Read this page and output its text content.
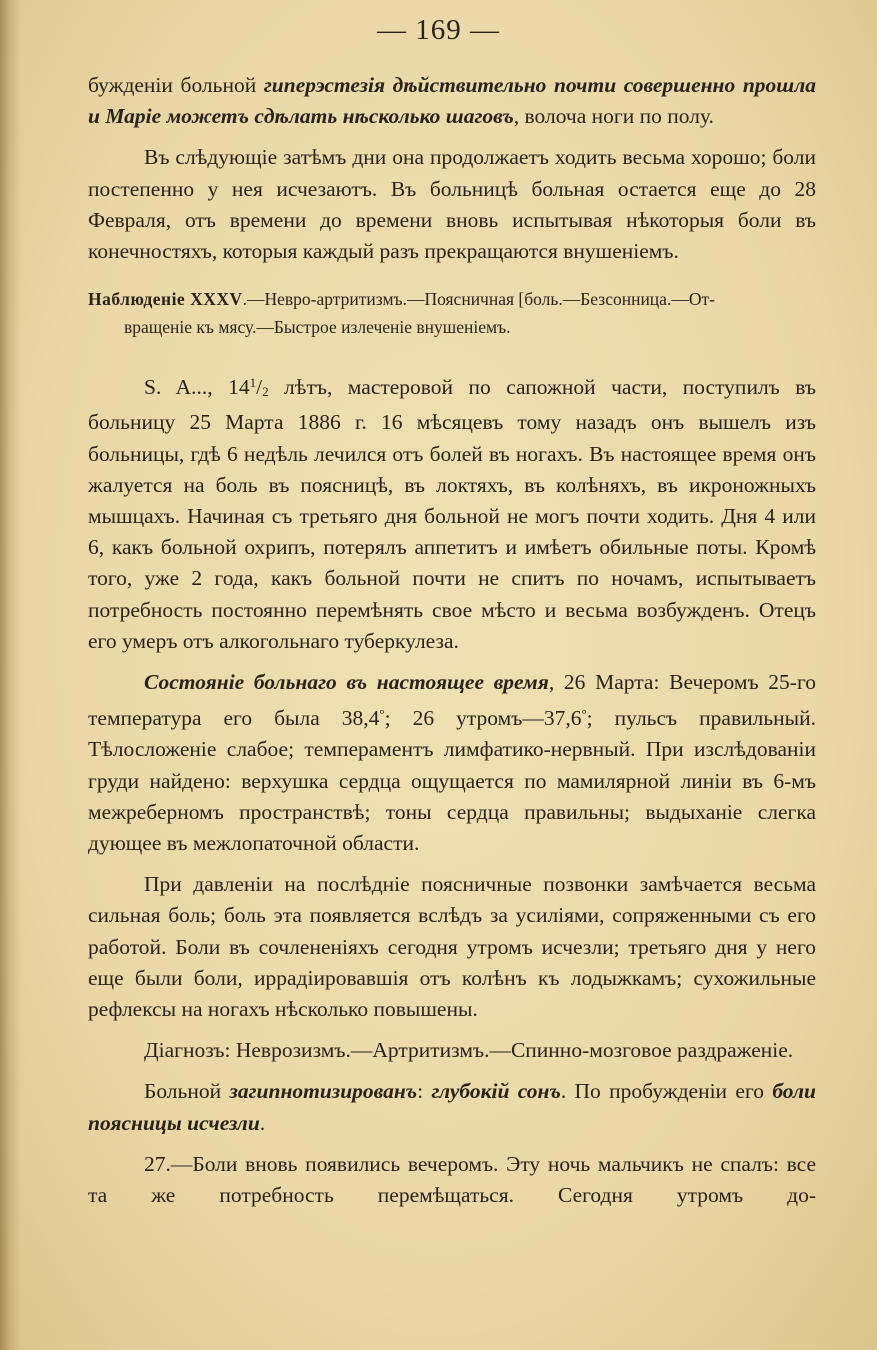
— 169 —

бужденіи больной гиперэстезія дѣйствительно почти совершенно прошла и Марiе можетъ сдѣлать нѣсколько шаговъ, волоча ноги по полу.

Въ слѣдующіе затѣмъ дни она продолжаетъ ходить весьма хорошо; боли постепенно у нея исчезаютъ. Въ больницѣ больная остается еще до 28 Февраля, отъ времени до времени вновь испытывая нѣкоторыя боли въ конечностяхъ, которыя каждый разъ прекращаются внушеніемъ.

Наблюденіе XXXV.—Невро-артритизмъ.—Поясничная [боль.—Безсонница.—От-
вращеніе къ мясу.—Быстрое излеченіе внушеніемъ.

S. A..., $14^1/2$ лѣтъ, мастеровой по сапожной части, поступилъ въ больницу 25 Марта 1886 г. 16 мѣсяцевъ тому назадъ онъ вышелъ изъ больницы, гдѣ 6 недѣль лечился отъ болей въ ногахъ. Въ настоящее время онъ жалуется на боль въ поясницѣ, въ локтяхъ, въ колѣняхъ, въ икроножныхъ мышцахъ. Начиная съ третьяго дня больной не могъ почти ходить. Дня 4 или 6, какъ больной охрипъ, потерялъ аппетитъ и имѣетъ обильные поты. Кромѣ того, уже 2 года, какъ больной почти не спитъ по ночамъ, испытываетъ потребность постоянно перемѣнять свое мѣсто и весьма возбужденъ. Отецъ его умеръ отъ алкогольнаго туберкулеза.

Состояніе больнаго въ настоящее время, 26 Марта: Вечеромъ 25-го температура его была 38,4°; 26 утромъ—37,6°; пульсъ правильный. Тѣлосложеніе слабое; темпераментъ лимфатико-нервный. При изслѣдованіи груди найдено: верхушка сердца ощущается по мамилярной линіи въ 6-мъ межреберномъ пространствѣ; тоны сердца правильны; выдыханіе слегка дующее въ межлопаточной области.

При давленіи на послѣдніе поясничные позвонки замѣчается весьма сильная боль; боль эта появляется вслѣдъ за усиліями, сопряженными съ его работой. Боли въ сочлененіяхъ сегодня утромъ исчезли; третьяго дня у него еще были боли, иррадіировавшія отъ колѣнъ къ лодыжкамъ; сухожильные рефлексы на ногахъ нѣсколько повышены.

Діагнозъ: Неврозизмъ.—Артритизмъ.—Спинно-мозговое раздраженіе.

Больной загипнотизированъ: глубокій сонъ. По пробужденіи его боли поясницы исчезли.

27.—Боли вновь появились вечеромъ. Эту ночь мальчикъ не спалъ: все та же потребность перемѣщаться. Сегодня утромъ до-
